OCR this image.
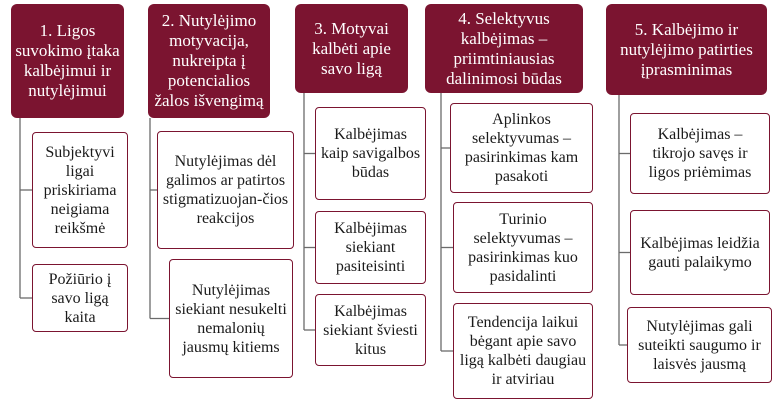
1. Ligos suvokimo įtaka kalbėjimui ir nutylėjimui
Subjektyvi ligai priskiriama neigiama reikšmė
Požiūrio į savo ligą kaita
2. Nutylėjimo motyvacija, nukreipta į potencialios žalos išvengimą
Nutylėjimas dėl galimos ar patirtos stigmatizuojan-čios reakcijos
Nutylėjimas siekiant nesukelti nemalonių jausmų kitiems
3. Motyvai kalbėti apie savo ligą
Kalbėjimas kaip savigalbos būdas
Kalbėjimas siekiant pasiteisinti
Kalbėjimas siekiant šviesti kitus
4. Selektyvus kalbėjimas – priimtiniausias dalinimosi būdas
Aplinkos selektyvumas – pasirinkimas kam pasakoti
Turinio selektyvumas – pasirinkimas kuo pasidalinti
Tendencija laikui bėgant apie savo ligą kalbėti daugiau ir atviriau
5. Kalbėjimo ir nutylėjimo patirties įprasminimas
Kalbėjimas – tikrojo savęs ir ligos priėmimas
Kalbėjimas leidžia gauti palaikymo
Nutylėjimas gali suteikti saugumo ir laisvės jausmą
